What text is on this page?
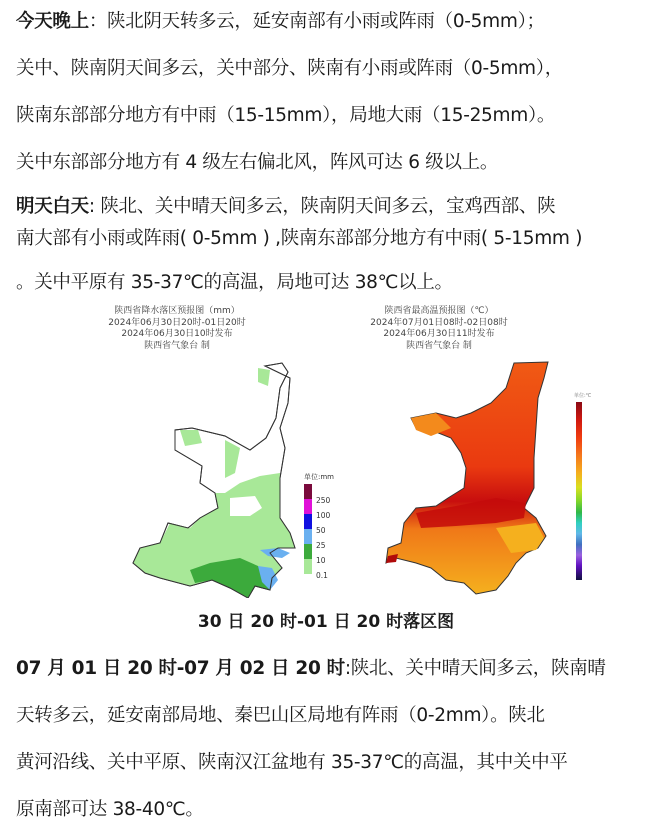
今天晚上：陕北阴天转多云，延安南部有小雨或阵雨（0-5mm）；
关中、陕南阴天间多云，关中部分、陕南有小雨或阵雨（0-5mm），
陕南东部部分地方有中雨（15-15mm），局地大雨（15-25mm）。
关中东部部分地方有 4 级左右偏北风，阵风可达 6 级以上。
明天白天: 陕北、关中晴天间多云，陕南阴天间多云，宝鸡西部、陕
南大部有小雨或阵雨( 0-5mm ) ,陕南东部部分地方有中雨( 5-15mm )
。关中平原有 35-37℃的高温，局地可达 38℃以上。
陕西省降水落区预报图（mm）
2024年06月30日20时-01日20时
2024年06月30日10时发布
陕西省气象台 制
单位:mm
250
100
50
25
10
0.1
陕西省最高温预报图（℃）
2024年07月01日08时-02日08时
2024年06月30日11时发布
陕西省气象台 制
单位:℃
30 日 20 时-01 日 20 时落区图
07 月 01 日 20 时-07 月 02 日 20 时:陕北、关中晴天间多云，陕南晴
天转多云，延安南部局地、秦巴山区局地有阵雨（0-2mm）。陕北
黄河沿线、关中平原、陕南汉江盆地有 35-37℃的高温，其中关中平
原南部可达 38-40℃。
